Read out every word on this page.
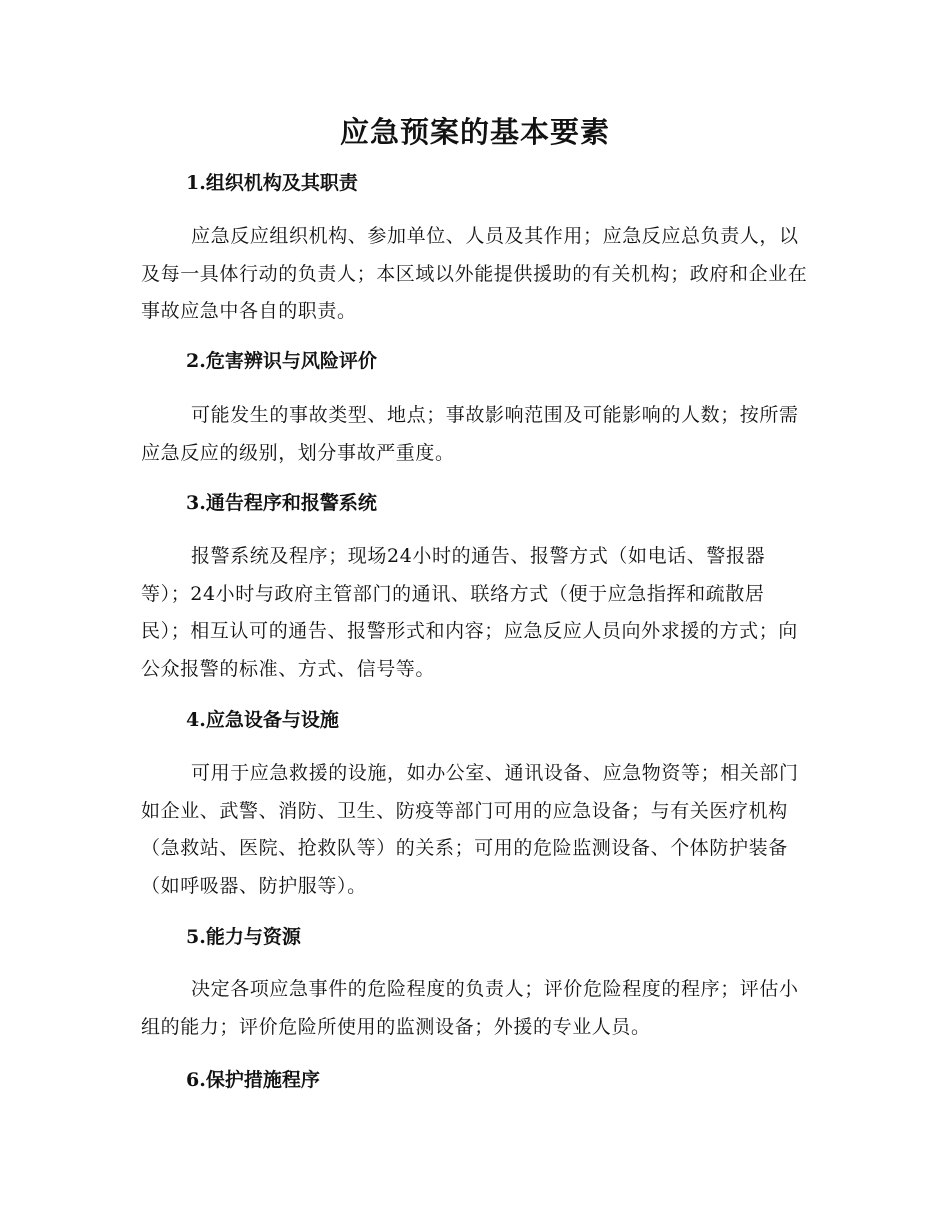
应急预案的基本要素
1.组织机构及其职责

应急反应组织机构、参加单位、人员及其作用；应急反应总负责人，以及每一具体行动的负责人；本区域以外能提供援助的有关机构；政府和企业在事故应急中各自的职责。

2.危害辨识与风险评价

可能发生的事故类型、地点；事故影响范围及可能影响的人数；按所需应急反应的级别，划分事故严重度。

3.通告程序和报警系统

报警系统及程序；现场24小时的通告、报警方式（如电话、警报器等）；24小时与政府主管部门的通讯、联络方式（便于应急指挥和疏散居民）；相互认可的通告、报警形式和内容；应急反应人员向外求援的方式；向公众报警的标准、方式、信号等。

4.应急设备与设施

可用于应急救援的设施，如办公室、通讯设备、应急物资等；相关部门如企业、武警、消防、卫生、防疫等部门可用的应急设备；与有关医疗机构（急救站、医院、抢救队等）的关系；可用的危险监测设备、个体防护装备（如呼吸器、防护服等）。

5.能力与资源

决定各项应急事件的危险程度的负责人；评价危险程度的程序；评估小组的能力；评价危险所使用的监测设备；外援的专业人员。

6.保护措施程序
